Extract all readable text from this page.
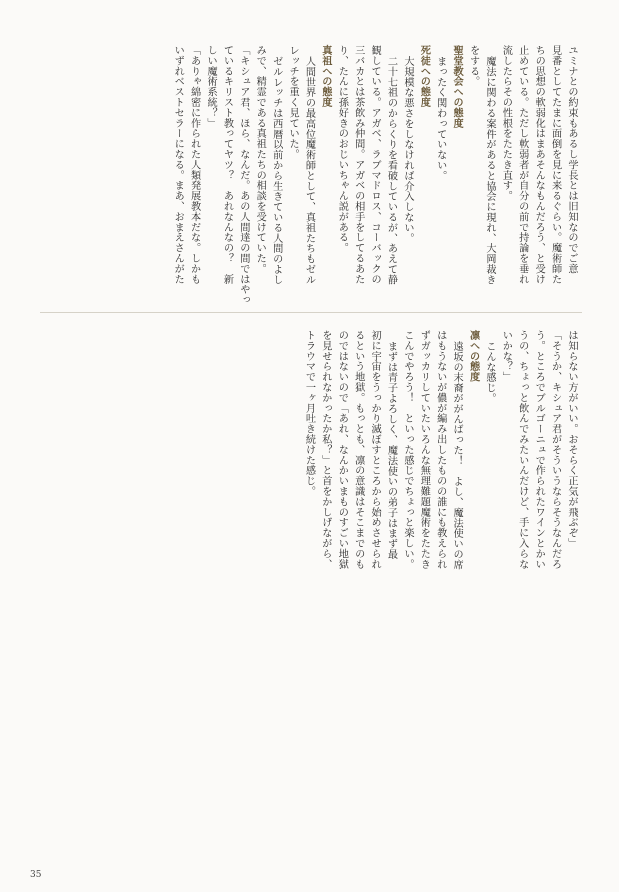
ユミナとの約束もあるし学長とは旧知なのでご意
見番としてたまに面倒を見に来るぐらい。魔術師た
ちの思想の軟弱化はまあそんなもんだろう、と受け
止めている。ただし軟弱者が自分の前で持論を垂れ
流したらその性根をたたき直す。
魔法に関わる案件があると協会に現れ、大岡裁き
をする。
聖堂教会への態度
まったく関わっていない。
死徒への態度
大規模な悪さをしなければ介入しない。
二十七祖のからくりを看破しているが、あえて静
観している。アガベ、ラブマドロス、コーバックの
三バカとは茶飲み仲間。アガベの相手をしてるあた
り、たんに孫好きのおじいちゃん説がある。
真祖への態度
人間世界の最高位魔術師として、真祖たちもゼル
レッチを重く見ていた。
ゼルレッチは西暦以前から生きている人間のよし
みで、精霊である真祖たちの相談を受けていた。
「キシュア君、ほら、なんだ。あの人間達の間ではやっ
ているキリスト教ってヤツ？　あれなんなの？　新
しい魔術系統？」
「ありゃ綿密に作られた人類発展教本だな。しかも
いずれベストセラーになる。まあ、おまえさんがた
は知らない方がいい。おそらく正気が飛ぶぞ」
「そうか、キシュア君がそういうならそうなんだろ
う。ところでブルゴーニュで作られたワインとかい
うの、ちょっと飲んでみたいんだけど、手に入らな
いかな？」
こんな感じ。
凛への態度
遠坂の末裔ががんばった！　よし、魔法使いの席
はもうないが儂が編み出したものの誰にも教えられ
ずガッカリしていたいろんな無理難題魔術をたたき
こんでやろう！　といった感じでちょっと楽しい。
まずは青子よろしく、魔法使いの弟子はまず最
初に宇宙をうっかり滅ぼすところから始めさせられ
るという地獄。もっとも、凛の意識はそこまでのも
のではないので「あれ、なんかいまものすごい地獄
を見せられなかったか私？」と首をかしげながら、
トラウマで一ヶ月吐き続けた感じ。
35
